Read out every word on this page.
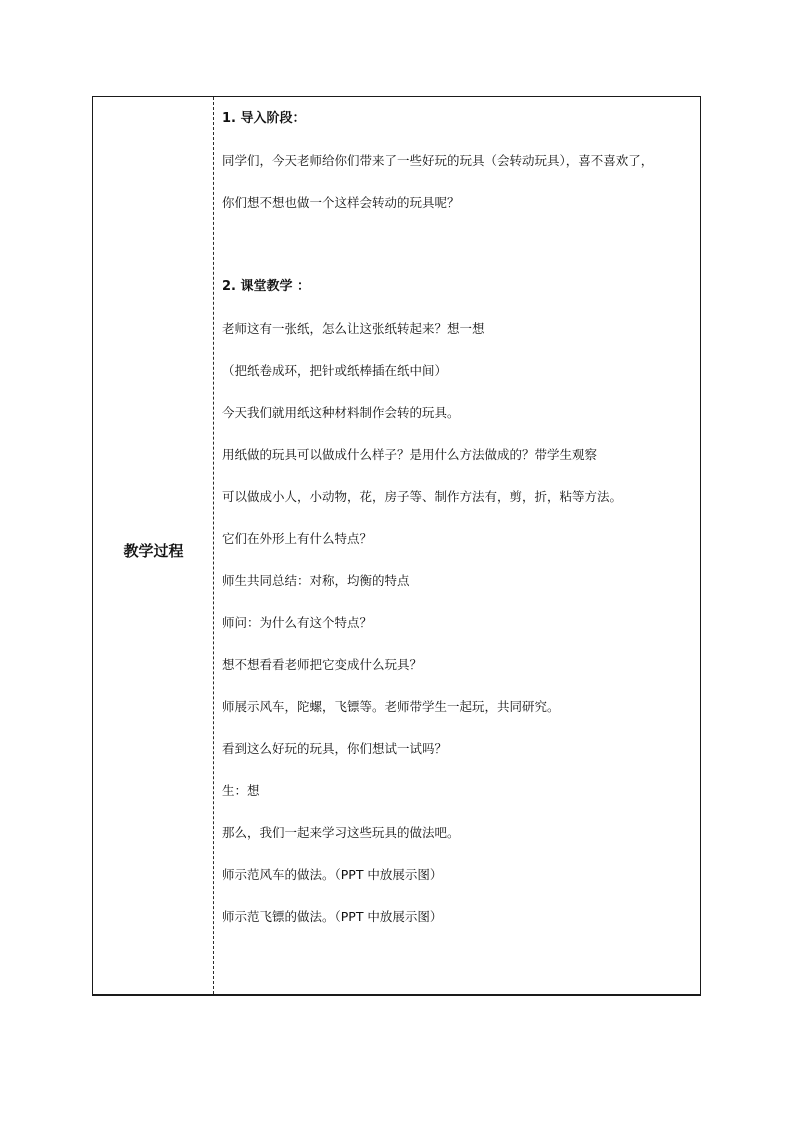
教学过程
1. 导入阶段：
同学们，今天老师给你们带来了一些好玩的玩具（会转动玩具），喜不喜欢了，
你们想不想也做一个这样会转动的玩具呢？
2. 课堂教学 ：
老师这有一张纸，怎么让这张纸转起来？想一想
（把纸卷成环，把针或纸棒插在纸中间）
今天我们就用纸这种材料制作会转的玩具。
用纸做的玩具可以做成什么样子？是用什么方法做成的？带学生观察
可以做成小人，小动物，花，房子等、制作方法有，剪，折，粘等方法。
它们在外形上有什么特点？
师生共同总结：对称，均衡的特点
师问：为什么有这个特点？
想不想看看老师把它变成什么玩具？
师展示风车，陀螺，飞镖等。老师带学生一起玩，共同研究。
看到这么好玩的玩具，你们想试一试吗？
生：想
那么，我们一起来学习这些玩具的做法吧。
师示范风车的做法。（PPT 中放展示图）
师示范飞镖的做法。（PPT 中放展示图）
